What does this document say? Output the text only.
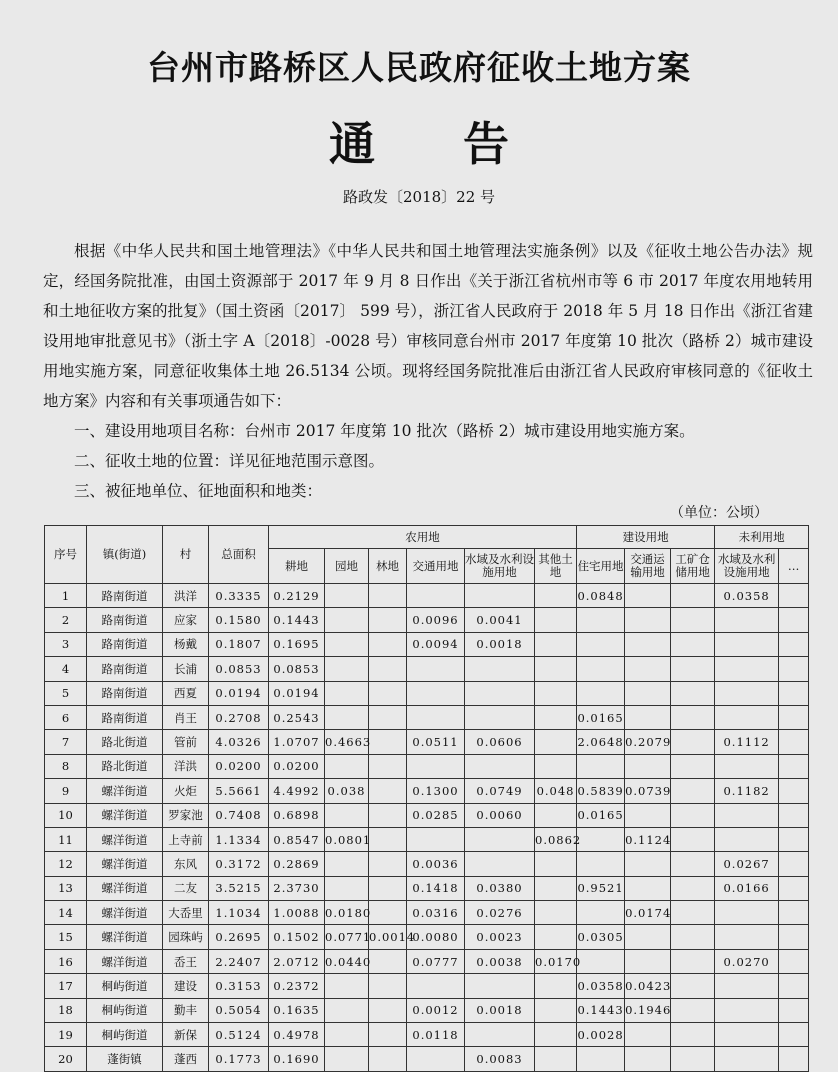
台州市路桥区人民政府征收土地方案
通告
路政发〔2018〕22 号
根据《中华人民共和国土地管理法》《中华人民共和国土地管理法实施条例》以及《征收土地公告办法》规定，经国务院批准，由国土资源部于 2017 年 9 月 8 日作出《关于浙江省杭州市等 6 市 2017 年度农用地转用和土地征收方案的批复》（国土资函〔2017〕 599 号），浙江省人民政府于 2018 年 5 月 18 日作出《浙江省建设用地审批意见书》（浙土字 A〔2018〕-0028 号）审核同意台州市 2017 年度第 10 批次（路桥 2）城市建设用地实施方案，同意征收集体土地 26.5134 公顷。现将经国务院批准后由浙江省人民政府审核同意的《征收土地方案》内容和有关事项通告如下：
一、建设用地项目名称：台州市 2017 年度第 10 批次（路桥 2）城市建设用地实施方案。
二、征收土地的位置：详见征地范围示意图。
三、被征地单位、征地面积和地类：
（单位：公顷）
序号	镇(街道)	村	总面积	农用地						建设用地			未利用地	
				耕地	园地	林地	交通用地	水域及水利设施用地	其他土地	住宅用地	交通运输用地	工矿仓储用地	水域及水利设施用地	…
1	路南街道	洪洋	0.3335	0.2129						0.0848			0.0358	
2	路南街道	应家	0.1580	0.1443			0.0096	0.0041						
3	路南街道	杨戴	0.1807	0.1695			0.0094	0.0018						
4	路南街道	长浦	0.0853	0.0853										
5	路南街道	西夏	0.0194	0.0194										
6	路南街道	肖王	0.2708	0.2543						0.0165				
7	路北街道	管前	4.0326	1.0707	0.4663		0.0511	0.0606		2.0648	0.2079		0.1112	
8	路北街道	洋洪	0.0200	0.0200										
9	螺洋街道	火炬	5.5661	4.4992	0.038		0.1300	0.0749	0.048	0.5839	0.0739		0.1182	
10	螺洋街道	罗家池	0.7408	0.6898			0.0285	0.0060		0.0165				
11	螺洋街道	上寺前	1.1334	0.8547	0.0801				0.0862		0.1124			
12	螺洋街道	东风	0.3172	0.2869			0.0036						0.0267	
13	螺洋街道	二友	3.5215	2.3730			0.1418	0.0380		0.9521			0.0166	
14	螺洋街道	大岙里	1.1034	1.0088	0.0180		0.0316	0.0276			0.0174			
15	螺洋街道	园珠屿	0.2695	0.1502	0.0771	0.0014	0.0080	0.0023		0.0305				
16	螺洋街道	岙王	2.2407	2.0712	0.0440		0.0777	0.0038	0.0170				0.0270	
17	桐屿街道	建设	0.3153	0.2372						0.0358	0.0423			
18	桐屿街道	勤丰	0.5054	0.1635			0.0012	0.0018		0.1443	0.1946			
19	桐屿街道	新保	0.5124	0.4978			0.0118			0.0028				
20	蓬街镇	蓬西	0.1773	0.1690				0.0083						
